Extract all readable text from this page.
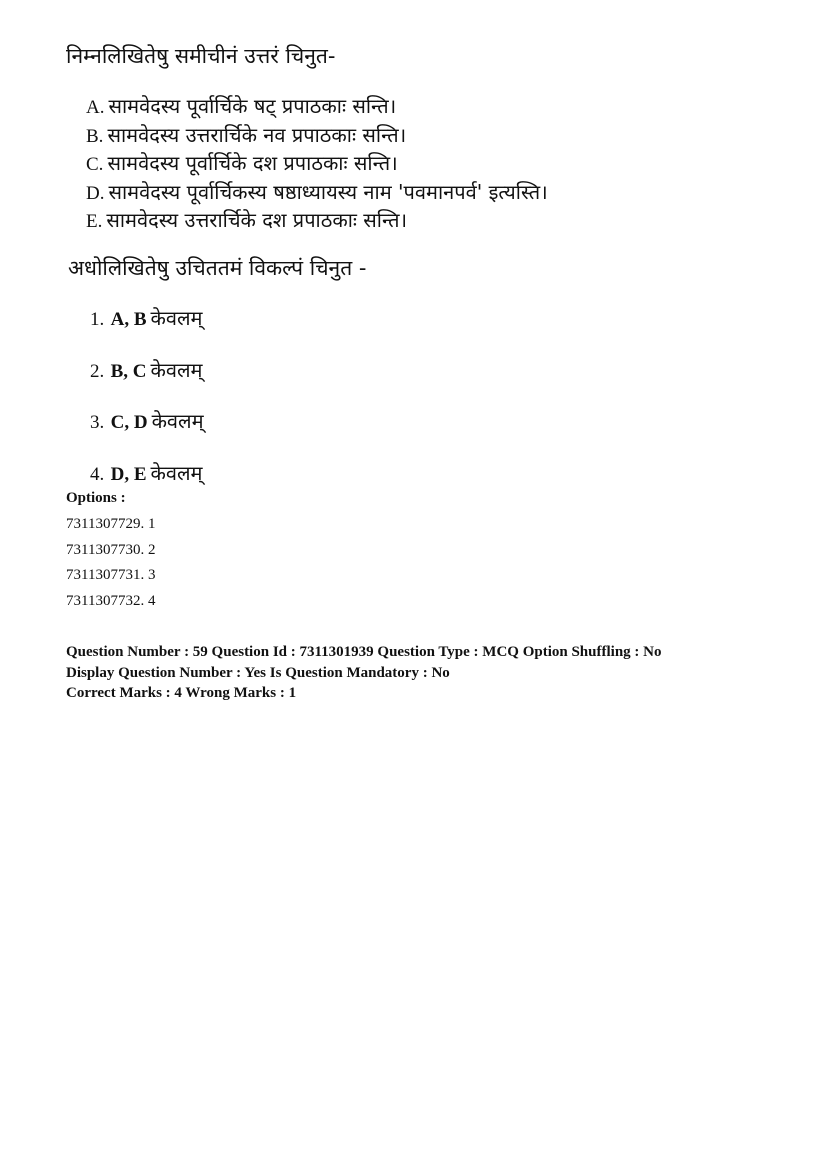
निम्नलिखितेषु समीचीनं उत्तरं चिनुत-
A. सामवेदस्य पूर्वार्चिके षट् प्रपाठकाः सन्ति।
B. सामवेदस्य उत्तरार्चिके नव प्रपाठकाः सन्ति।
C. सामवेदस्य पूर्वार्चिके दश प्रपाठकाः सन्ति।
D. सामवेदस्य पूर्वार्चिकस्य षष्ठाध्यायस्य नाम 'पवमानपर्व' इत्यस्ति।
E. सामवेदस्य उत्तरार्चिके दश प्रपाठकाः सन्ति।
अधोलिखितेषु उचिततमं विकल्पं चिनुत -
1. A, B केवलम्
2. B, C केवलम्
3. C, D केवलम्
4. D, E केवलम्
Options :
7311307729. 1
7311307730. 2
7311307731. 3
7311307732. 4
Question Number : 59 Question Id : 7311301939 Question Type : MCQ Option Shuffling : No
Display Question Number : Yes Is Question Mandatory : No
Correct Marks : 4 Wrong Marks : 1
